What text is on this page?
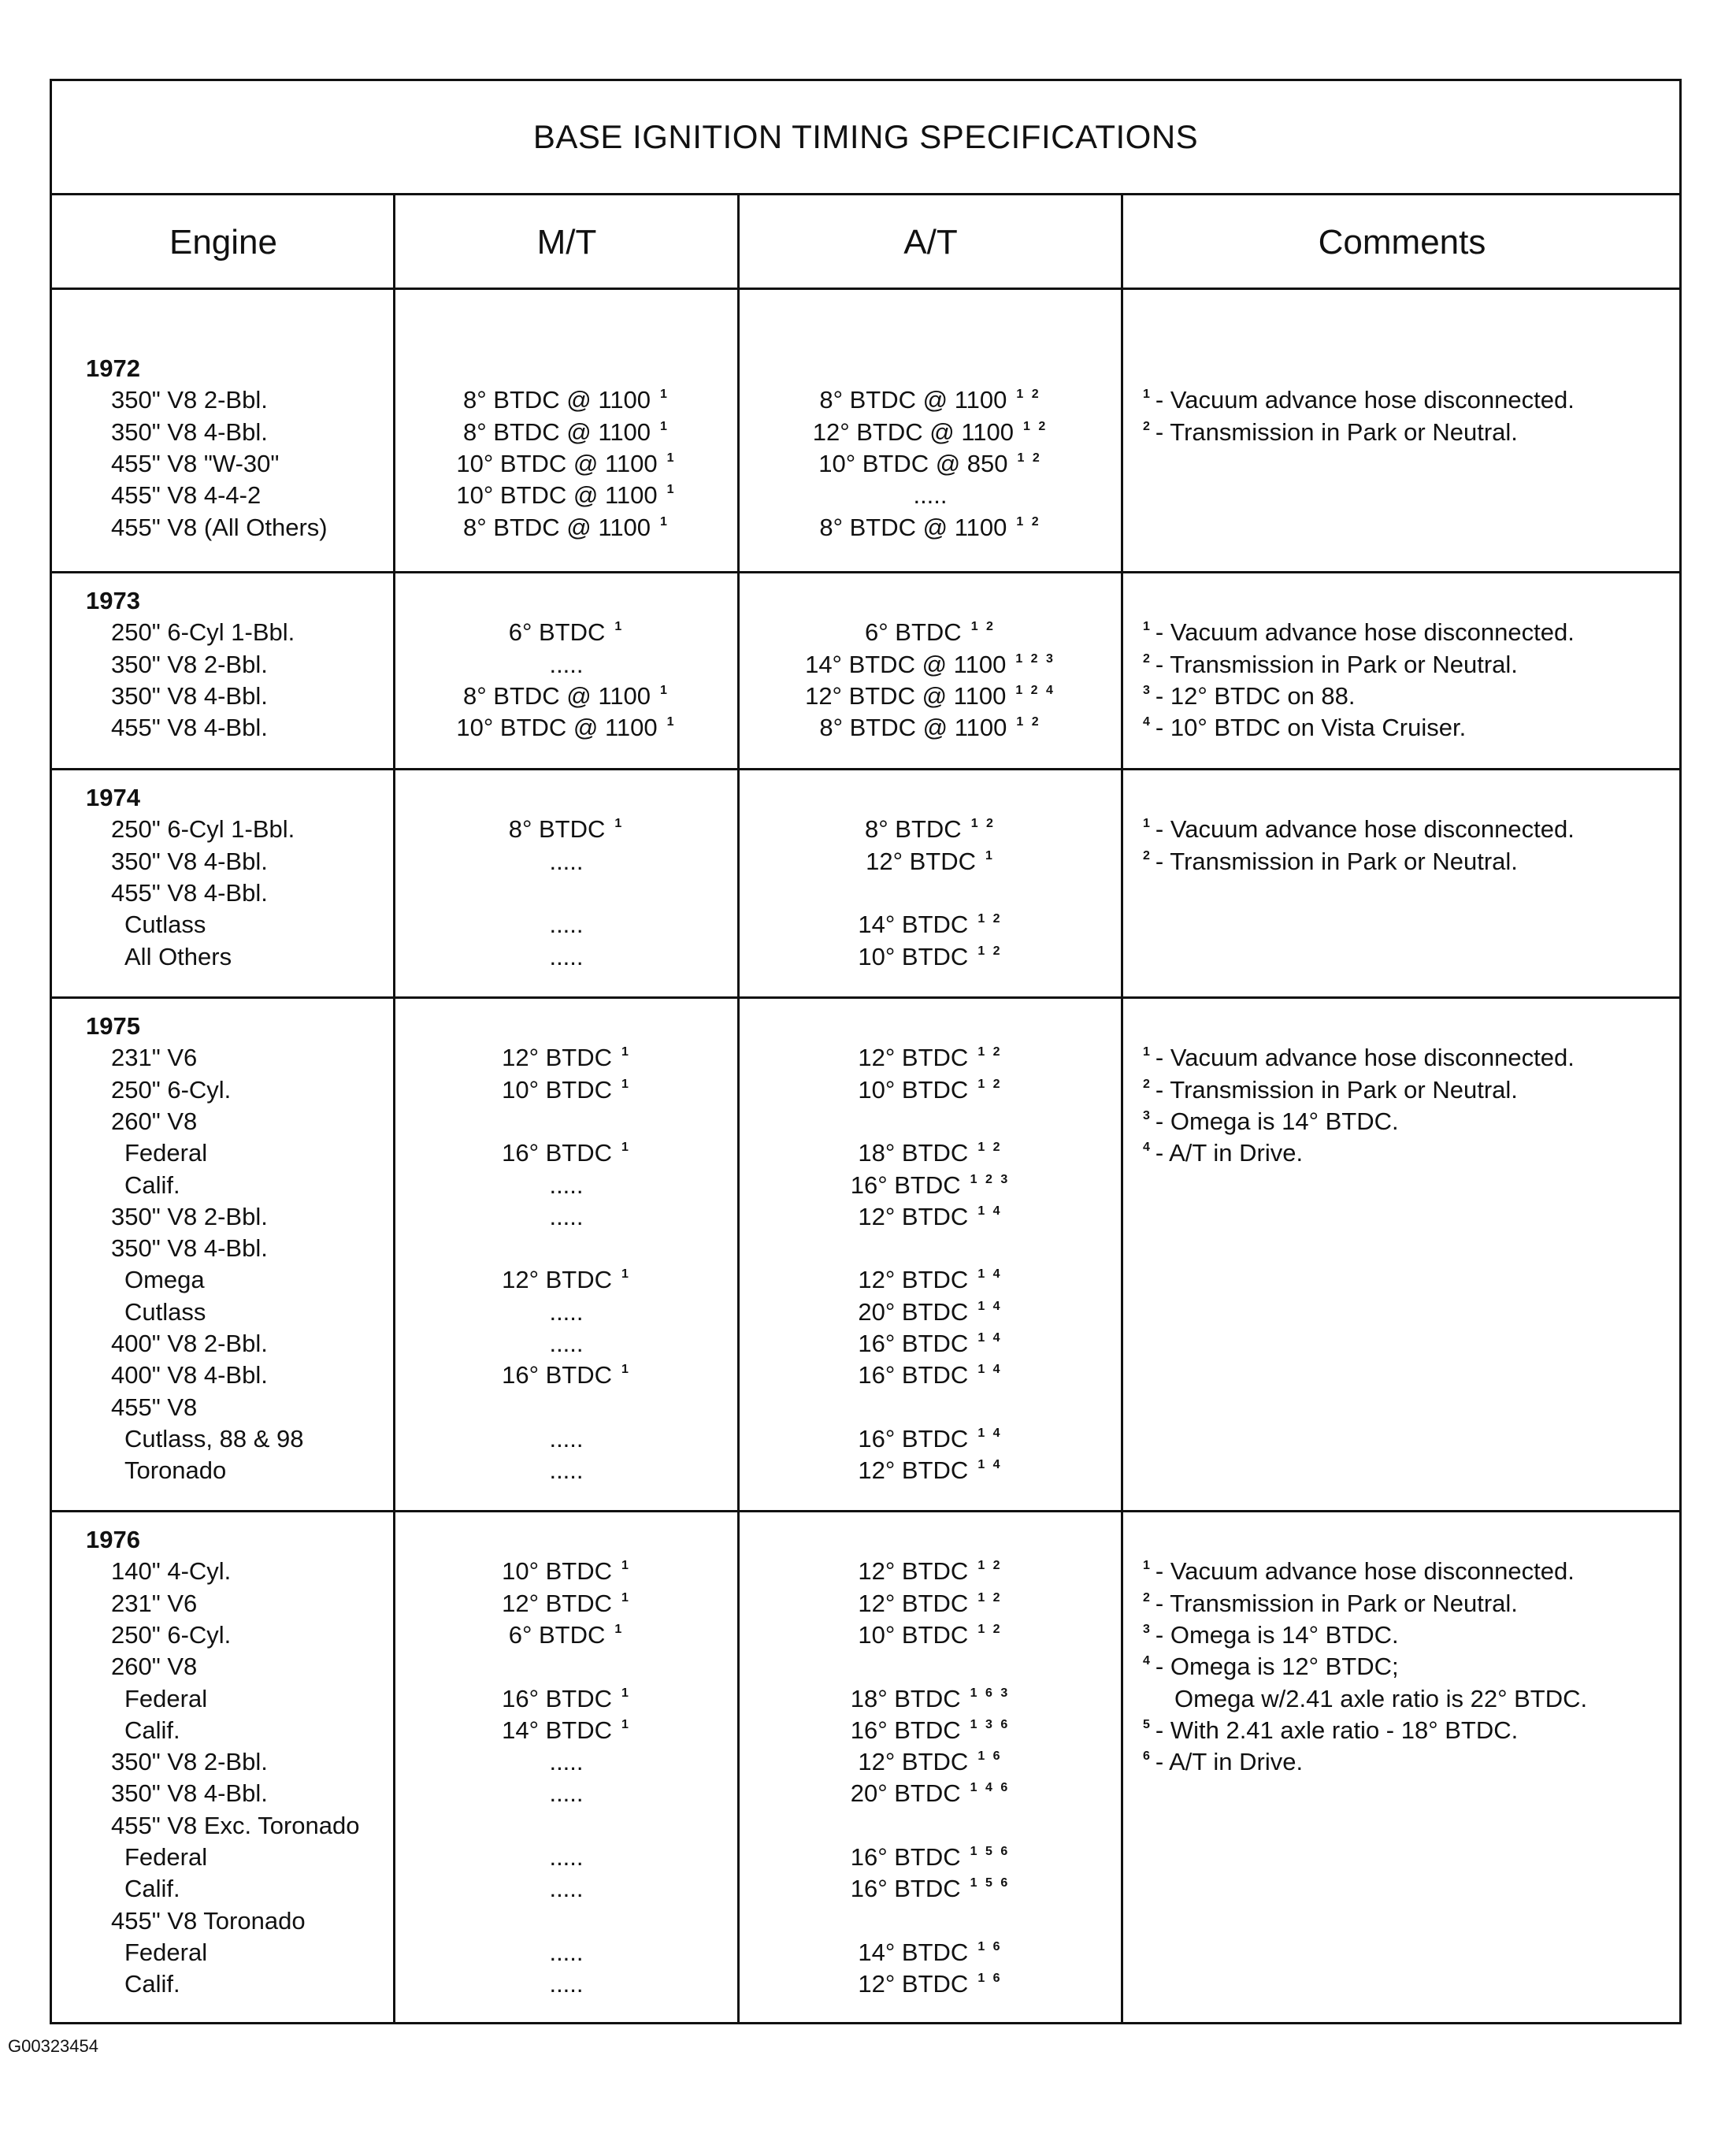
BASE IGNITION TIMING SPECIFICATIONS
Engine	M/T	A/T	Comments
1972
350" V8 2-Bbl.	8° BTDC @ 1100 $^1$	8° BTDC @ 1100 $^{1 2}$
350" V8 4-Bbl.	8° BTDC @ 1100 $^1$	12° BTDC @ 1100 $^{1 2}$
455" V8 "W-30"	10° BTDC @ 1100 $^1$	10° BTDC @ 850 $^{1 2}$
455" V8 4-4-2	10° BTDC @ 1100 $^1$	.....
455" V8 (All Others)	8° BTDC @ 1100 $^1$	8° BTDC @ 1100 $^{1 2}$
$^1$ - Vacuum advance hose disconnected.
$^2$ - Transmission in Park or Neutral.
1973
250" 6-Cyl 1-Bbl.	6° BTDC $^1$	6° BTDC $^{1 2}$
350" V8 2-Bbl.	.....	14° BTDC @ 1100 $^{1 2 3}$
350" V8 4-Bbl.	8° BTDC @ 1100 $^1$	12° BTDC @ 1100 $^{1 2 4}$
455" V8 4-Bbl.	10° BTDC @ 1100 $^1$	8° BTDC @ 1100 $^{1 2}$
$^1$ - Vacuum advance hose disconnected.
$^2$ - Transmission in Park or Neutral.
$^3$ - 12° BTDC on 88.
$^4$ - 10° BTDC on Vista Cruiser.
1974
250" 6-Cyl 1-Bbl.	8° BTDC $^1$	8° BTDC $^{1 2}$
350" V8 4-Bbl.	.....	12° BTDC $^1$
455" V8 4-Bbl.
Cutlass	.....	14° BTDC $^{1 2}$
All Others	.....	10° BTDC $^{1 2}$
$^1$ - Vacuum advance hose disconnected.
$^2$ - Transmission in Park or Neutral.
1975
231" V6	12° BTDC $^1$	12° BTDC $^{1 2}$
250" 6-Cyl.	10° BTDC $^1$	10° BTDC $^{1 2}$
260" V8
Federal	16° BTDC $^1$	18° BTDC $^{1 2}$
Calif.	.....	16° BTDC $^{1 2 3}$
350" V8 2-Bbl.	.....	12° BTDC $^{1 4}$
350" V8 4-Bbl.
Omega	12° BTDC $^1$	12° BTDC $^{1 4}$
Cutlass	.....	20° BTDC $^{1 4}$
400" V8 2-Bbl.	.....	16° BTDC $^{1 4}$
400" V8 4-Bbl.	16° BTDC $^1$	16° BTDC $^{1 4}$
455" V8
Cutlass, 88 & 98	.....	16° BTDC $^{1 4}$
Toronado	.....	12° BTDC $^{1 4}$
$^1$ - Vacuum advance hose disconnected.
$^2$ - Transmission in Park or Neutral.
$^3$ - Omega is 14° BTDC.
$^4$ - A/T in Drive.
1976
140" 4-Cyl.	10° BTDC $^1$	12° BTDC $^{1 2}$
231" V6	12° BTDC $^1$	12° BTDC $^{1 2}$
250" 6-Cyl.	6° BTDC $^1$	10° BTDC $^{1 2}$
260" V8
Federal	16° BTDC $^1$	18° BTDC $^{1 6 3}$
Calif.	14° BTDC $^1$	16° BTDC $^{1 3 6}$
350" V8 2-Bbl.	.....	12° BTDC $^{1 6}$
350" V8 4-Bbl.	.....	20° BTDC $^{1 4 6}$
455" V8 Exc. Toronado
Federal	.....	16° BTDC $^{1 5 6}$
Calif.	.....	16° BTDC $^{1 5 6}$
455" V8 Toronado
Federal	.....	14° BTDC $^{1 6}$
Calif.	.....	12° BTDC $^{1 6}$
$^1$ - Vacuum advance hose disconnected.
$^2$ - Transmission in Park or Neutral.
$^3$ - Omega is 14° BTDC.
$^4$ - Omega is 12° BTDC;
Omega w/2.41 axle ratio is 22° BTDC.
$^5$ - With 2.41 axle ratio - 18° BTDC.
$^6$ - A/T in Drive.
G00323454
